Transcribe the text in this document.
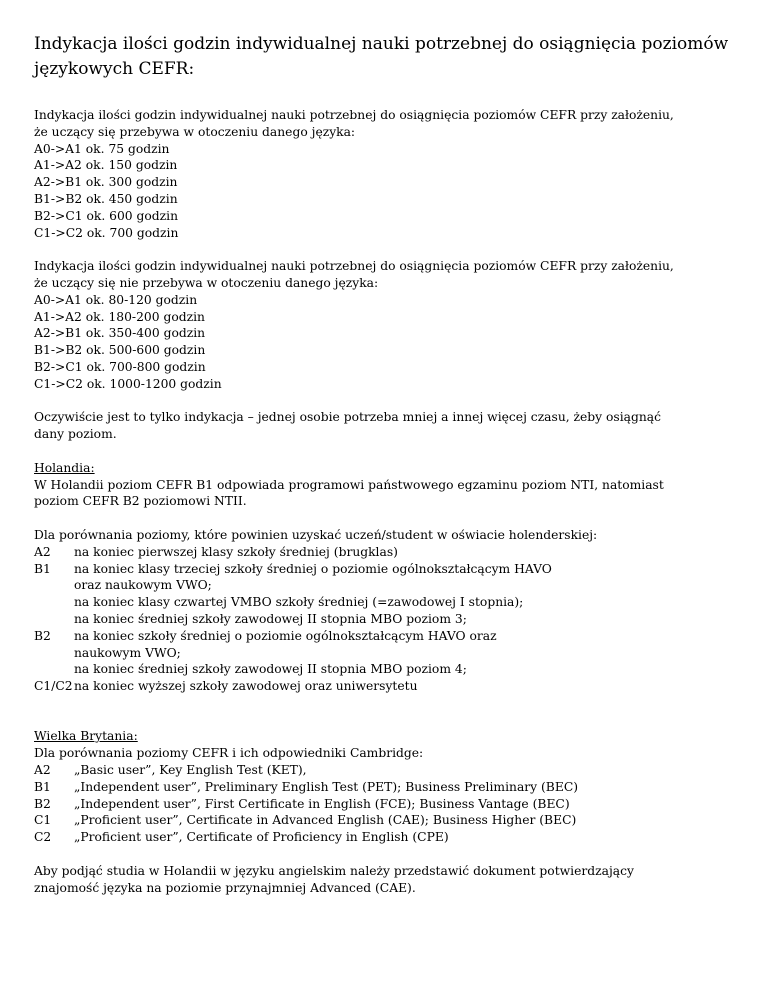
Indykacja ilości godzin indywidualnej nauki potrzebnej do osiągnięcia poziomów
językowych CEFR:
Indykacja ilości godzin indywidualnej nauki potrzebnej do osiągnięcia poziomów CEFR przy założeniu,
że uczący się przebywa w otoczeniu danego języka:
A0->A1 ok. 75 godzin
A1->A2 ok. 150 godzin
A2->B1 ok. 300 godzin
B1->B2 ok. 450 godzin
B2->C1 ok. 600 godzin
C1->C2 ok. 700 godzin
Indykacja ilości godzin indywidualnej nauki potrzebnej do osiągnięcia poziomów CEFR przy założeniu,
że uczący się nie przebywa w otoczeniu danego języka:
A0->A1 ok. 80-120 godzin
A1->A2 ok. 180-200 godzin
A2->B1 ok. 350-400 godzin
B1->B2 ok. 500-600 godzin
B2->C1 ok. 700-800 godzin
C1->C2 ok. 1000-1200 godzin
Oczywiście jest to tylko indykacja – jednej osobie potrzeba mniej a innej więcej czasu, żeby osiągnąć
dany poziom.
Holandia:
W Holandii poziom CEFR B1 odpowiada programowi państwowego egzaminu poziom NTI, natomiast
poziom CEFR B2 poziomowi NTII.
Dla porównania poziomy, które powinien uzyskać uczeń/student w oświacie holenderskiej:
A2	na koniec pierwszej klasy szkoły średniej (brugklas)
B1	na koniec klasy trzeciej szkoły średniej o poziomie ogólnokształcącym HAVO
oraz naukowym VWO;
na koniec klasy czwartej VMBO szkoły średniej (=zawodowej I stopnia);
na koniec średniej szkoły zawodowej II stopnia MBO poziom 3;
B2	na koniec szkoły średniej o poziomie ogólnokształcącym HAVO oraz
naukowym VWO;
na koniec średniej szkoły zawodowej II stopnia MBO poziom 4;
C1/C2 na koniec wyższej szkoły zawodowej oraz uniwersytetu
Wielka Brytania:
Dla porównania poziomy CEFR i ich odpowiedniki Cambridge:
A2	„Basic user”, Key English Test (KET),
B1	„Independent user”, Preliminary English Test (PET); Business Preliminary (BEC)
B2	„Independent user”, First Certificate in English (FCE); Business Vantage (BEC)
C1	„Proficient user”, Certificate in Advanced English (CAE); Business Higher (BEC)
C2	„Proficient user”, Certificate of Proficiency in English (CPE)
Aby podjąć studia w Holandii w języku angielskim należy przedstawić dokument potwierdzający
znajomość języka na poziomie przynajmniej Advanced (CAE).
